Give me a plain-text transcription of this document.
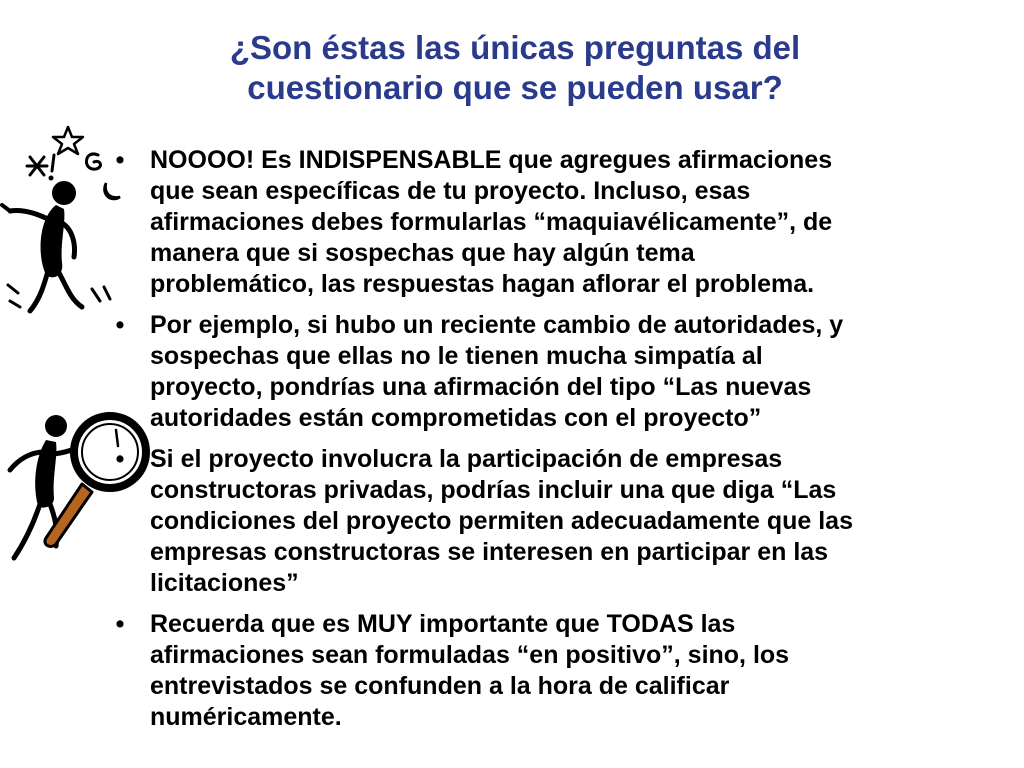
¿Son éstas las únicas preguntas del
cuestionario que se pueden usar?
• NOOOO! Es INDISPENSABLE que agregues afirmaciones
que sean específicas de tu proyecto. Incluso, esas
afirmaciones debes formularlas “maquiavélicamente”, de
manera que si sospechas que hay algún tema
problemático, las respuestas hagan aflorar el problema.
• Por ejemplo, si hubo un reciente cambio de autoridades, y
sospechas que ellas no le tienen mucha simpatía al
proyecto, pondrías una afirmación del tipo “Las nuevas
autoridades están comprometidas con el proyecto”
• Si el proyecto involucra la participación de empresas
constructoras privadas, podrías incluir una que diga “Las
condiciones del proyecto permiten adecuadamente que las
empresas constructoras se interesen en participar en las
licitaciones”
• Recuerda que es MUY importante que TODAS las
afirmaciones sean formuladas “en positivo”, sino, los
entrevistados se confunden a la hora de calificar
numéricamente.
